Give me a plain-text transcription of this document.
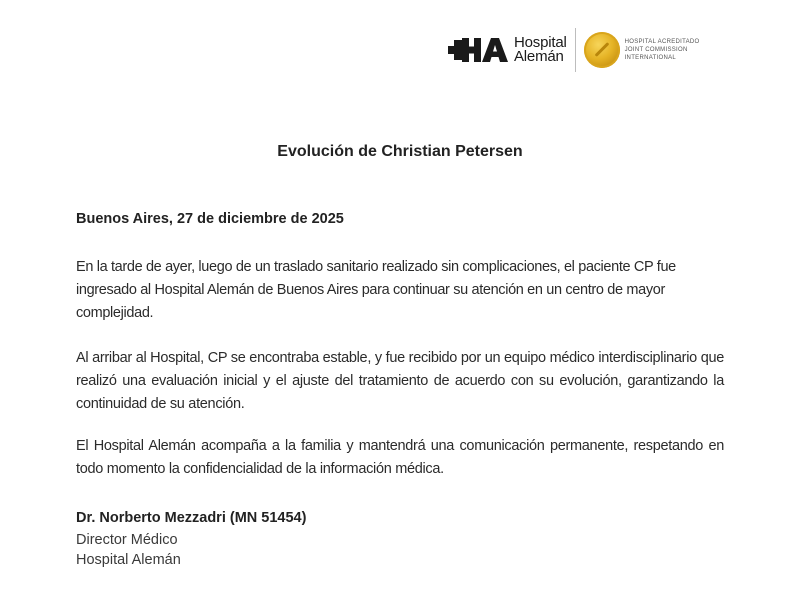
Hospital
Alemán
HOSPITAL ACREDITADO
JOINT COMMISSION
INTERNATIONAL
Evolución de Christian Petersen
Buenos Aires, 27 de diciembre de 2025
En la tarde de ayer, luego de un traslado sanitario realizado sin complicaciones, el paciente CP fue ingresado al Hospital Alemán de Buenos Aires para continuar su atención en un centro de mayor complejidad.
Al arribar al Hospital, CP se encontraba estable, y fue recibido por un equipo médico interdisciplinario que realizó una evaluación inicial y el ajuste del tratamiento de acuerdo con su evolución, garantizando la continuidad de su atención.
El Hospital Alemán acompaña a la familia y mantendrá una comunicación permanente, respetando en todo momento la confidencialidad de la información médica.
Dr. Norberto Mezzadri (MN 51454)
Director Médico
Hospital Alemán
